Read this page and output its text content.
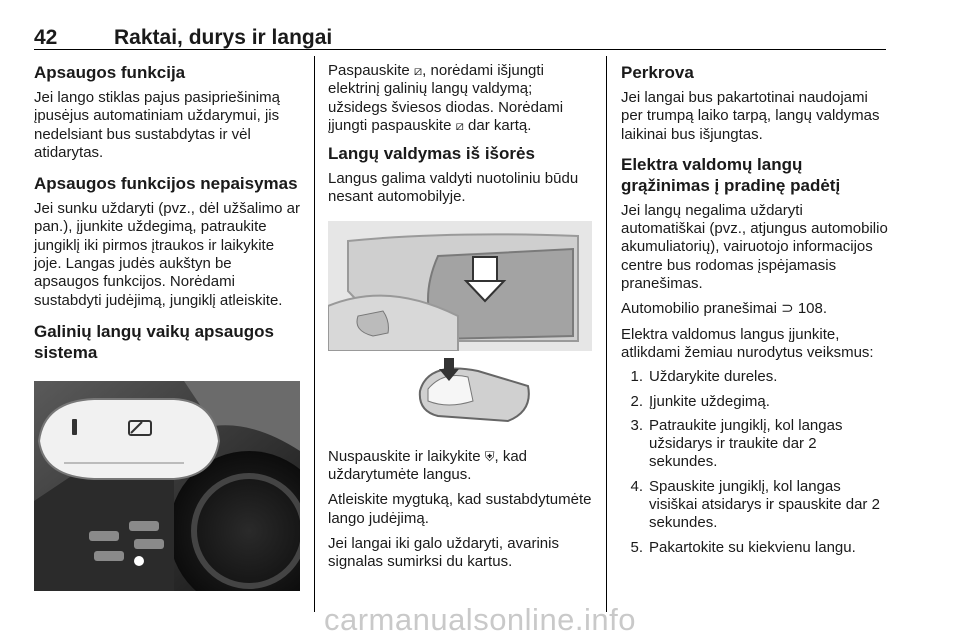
42	Raktai, durys ir langai
Apsaugos funkcija

Jei lango stiklas pajus pasipriešinimą įpusėjus automatiniam uždarymui, jis nedelsiant bus sustabdytas ir vėl atidarytas.

Apsaugos funkcijos nepaisymas

Jei sunku uždaryti (pvz., dėl užšalimo ar pan.), įjunkite uždegimą, patraukite jungiklį iki pirmos įtraukos ir laikykite joje. Langas judės aukštyn be apsaugos funkcijos. Norėdami sustabdyti judėjimą, jungiklį atleiskite.

Galinių langų vaikų apsaugos sistema

Paspauskite ⧄, norėdami išjungti elektrinį galinių langų valdymą; užsidegs šviesos diodas. Norėdami įjungti paspauskite ⧄ dar kartą.

Langų valdymas iš išorės

Langus galima valdyti nuotoliniu būdu nesant automobilyje.

Nuspauskite ir laikykite ⛨, kad uždarytumėte langus.

Atleiskite mygtuką, kad sustabdytumėte lango judėjimą.

Jei langai iki galo uždaryti, avarinis signalas sumirksi du kartus.

Perkrova

Jei langai bus pakartotinai naudojami per trumpą laiko tarpą, langų valdymas laikinai bus išjungtas.

Elektra valdomų langų
grąžinimas į pradinę padėtį

Jei langų negalima uždaryti automatiškai (pvz., atjungus automobilio akumuliatorių), vairuotojo informacijos centre bus rodomas įspėjamasis pranešimas.

Automobilio pranešimai ⊃ 108.

Elektra valdomus langus įjunkite, atlikdami žemiau nurodytus veiksmus:

1. Uždarykite dureles.
2. Įjunkite uždegimą.
3. Patraukite jungiklį, kol langas užsidarys ir traukite dar 2 sekundes.
4. Spauskite jungiklį, kol langas visiškai atsidarys ir spauskite dar 2 sekundes.
5. Pakartokite su kiekvienu langu.
carmanualsonline.info
